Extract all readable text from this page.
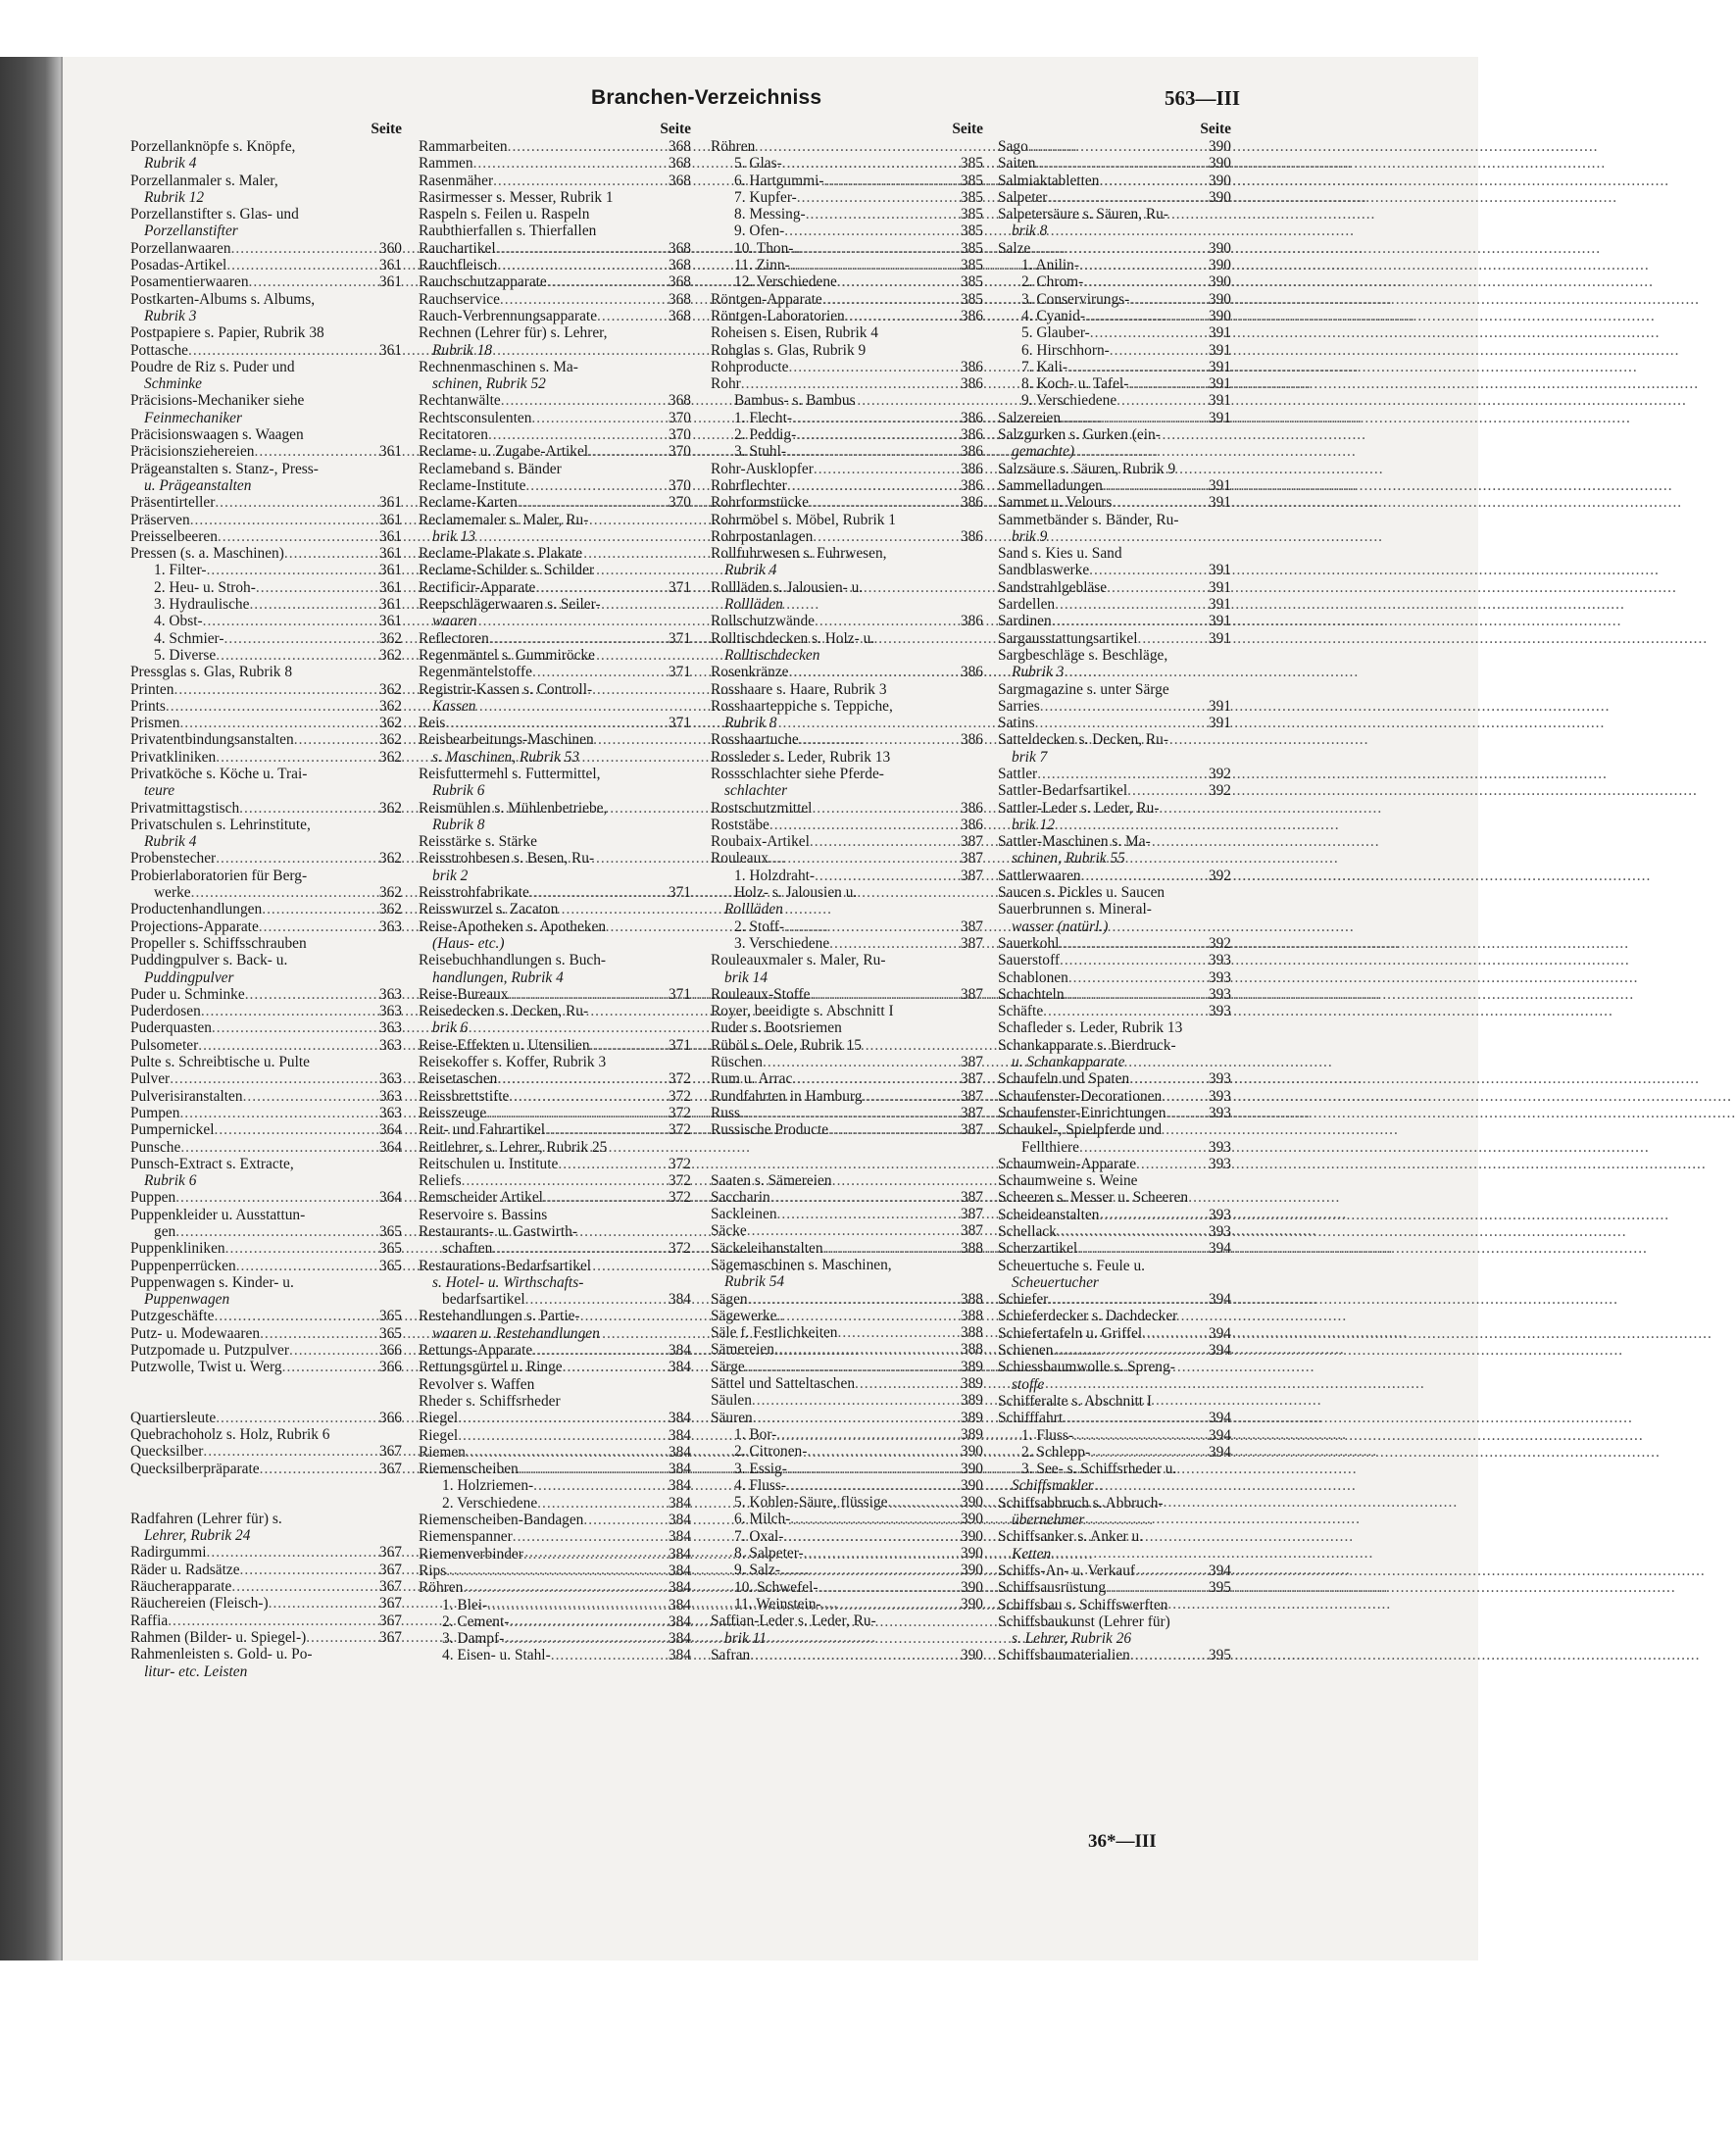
Branchen-Verzeichniss	563—III
Seite
Porzellanknöpfe s. Knöpfe,
Rubrik 4
Porzellanmaler s. Maler,
Rubrik 12
Porzellanstifter s. Glas- und
Porzellanstifter
Porzellanwaaren .....	360
Posadas-Artikel .....	361
Posamentierwaaren .....	361
Postkarten-Albums s. Albums,
Rubrik 3
Postpapiere s. Papier, Rubrik 38
Pottasche .....	361
Poudre de Riz s. Puder und
Schminke
Präcisions-Mechaniker siehe
Feinmechaniker
Präcisionswaagen s. Waagen
Präcisionsziehereien .....	361
Prägeanstalten s. Stanz-, Press-
u. Prägeanstalten
Präsentirteller .....	361
Präserven .....	361
Preisselbeeren .....	361
Pressen (s. a. Maschinen) .....	361
1. Filter- .....	361
2. Heu- u. Stroh- .....	361
3. Hydraulische .....	361
4. Obst- .....	361
4. Schmier- .....	362
5. Diverse .....	362
Pressglas s. Glas, Rubrik 8
Printen .....	362
Prints .....	362
Prismen .....	362
Privatentbindungsanstalten .....	362
Privatkliniken .....	362
Privatköche s. Köche u. Trai-
teure
Privatmittagstisch .....	362
Privatschulen s. Lehrinstitute,
Rubrik 4
Probenstecher .....	362
Probierlaboratorien für Berg-
werke .....	362
Productenhandlungen .....	362
Projections-Apparate .....	363
Propeller s. Schiffsschrauben
Puddingpulver s. Back- u.
Puddingpulver
Puder u. Schminke .....	363
Puderdosen .....	363
Puderquasten .....	363
Pulsometer .....	363
Pulte s. Schreibtische u. Pulte
Pulver .....	363
Pulverisiranstalten .....	363
Pumpen .....	363
Pumpernickel .....	364
Punsche .....	364
Punsch-Extract s. Extracte,
Rubrik 6
Puppen .....	364
Puppenkleider u. Ausstattun-
gen .....	365
Puppenkliniken .....	365
Puppenperrücken .....	365
Puppenwagen s. Kinder- u.
Puppenwagen
Putzgeschäfte .....	365
Putz- u. Modewaaren .....	365
Putzpomade u. Putzpulver .....	366
Putzwolle, Twist u. Werg .....	366
Quartiersleute .....	366
Quebrachoholz s. Holz, Rubrik 6
Quecksilber .....	367
Quecksilberpräparate .....	367
Radfahren (Lehrer für) s.
Lehrer, Rubrik 24
Radirgummi .....	367
Räder u. Radsätze .....	367
Räucherapparate .....	367
Räuchereien (Fleisch-) .....	367
Raffia .....	367
Rahmen (Bilder- u. Spiegel-) .....	367
Rahmenleisten s. Gold- u. Po-
litur- etc. Leisten
Seite
Rammarbeiten .....	368
Rammen .....	368
Rasenmäher .....	368
Rasirmesser s. Messer, Rubrik 1
Raspeln s. Feilen u. Raspeln
Raubthierfallen s. Thierfallen
Rauchartikel .....	368
Rauchfleisch .....	368
Rauchschutzapparate .....	368
Rauchservice .....	368
Rauch-Verbrennungsapparate .....	368
Rechnen (Lehrer für) s. Lehrer,
Rubrik 18
Rechnenmaschinen s. Ma-
schinen, Rubrik 52
Rechtanwälte .....	368
Rechtsconsulenten .....	370
Recitatoren .....	370
Reclame- u. Zugabe-Artikel .....	370
Reclameband s. Bänder
Reclame-Institute .....	370
Reclame-Karten .....	370
Reclamemaler s. Maler, Ru-
brik 13
Reclame-Plakate s. Plakate
Reclame-Schilder s. Schilder
Rectificir-Apparate .....	371
Reepschlägerwaaren s. Seiler-
waaren
Reflectoren .....	371
Regenmäntel s. Gummiröcke
Regenmäntelstoffe .....	371
Registrir-Kassen s. Controll-
Kassen
Reis .....	371
Reisbearbeitungs-Maschinen
s. Maschinen, Rubrik 53
Reisfuttermehl s. Futtermittel,
Rubrik 6
Reismühlen s. Mühlenbetriebe,
Rubrik 8
Reisstärke s. Stärke
Reisstrohbesen s. Besen, Ru-
brik 2
Reisstrohfabrikate .....	371
Reisswurzel s. Zacaton
Reise-Apotheken s. Apotheken
(Haus- etc.)
Reisebuchhandlungen s. Buch-
handlungen, Rubrik 4
Reise-Bureaux .....	371
Reisedecken s. Decken, Ru-
brik 6
Reise-Effekten u. Utensilien .....	371
Reisekoffer s. Koffer, Rubrik 3
Reisetaschen .....	372
Reissbrettstifte .....	372
Reisszeuge .....	372
Reit- und Fahrartikel .....	372
Reitlehrer, s. Lehrer, Rubrik 25
Reitschulen u. Institute .....	372
Reliefs .....	372
Remscheider Artikel .....	372
Reservoire s. Bassins
Restaurants- u. Gastwirth-
schaften .....	372
Restaurations-Bedarfsartikel
s. Hotel- u. Wirthschafts-
bedarfsartikel .....	384
Restehandlungen s. Partie-
waaren u. Restehandlungen
Rettungs-Apparate .....	384
Rettungsgürtel u. Ringe .....	384
Revolver s. Waffen
Rheder s. Schiffsrheder
Riegel .....	384
Riegel .....	384
Riemen .....	384
Riemenscheiben .....	384
1. Holzriemen- .....	384
2. Verschiedene .....	384
Riemenscheiben-Bandagen .....	384
Riemenspanner .....	384
Riemenverbinder .....	384
Rips .....	384
Röhren .....	384
1. Blei- .....	384
2. Cement- .....	384
3. Dampf- .....	384
4. Eisen- u. Stahl- .....	384
Seite
Röhren
5. Glas- .....	385
6. Hartgummi- .....	385
7. Kupfer- .....	385
8. Messing- .....	385
9. Ofen- .....	385
10. Thon- .....	385
11. Zinn- .....	385
12. Verschiedene .....	385
Röntgen-Apparate .....	385
Röntgen-Laboratorien .....	386
Roheisen s. Eisen, Rubrik 4
Rohglas s. Glas, Rubrik 9
Rohproducte .....	386
Rohr .....	386
Bambus- s. Bambus
1. Flecht- .....	386
2. Peddig- .....	386
3. Stuhl- .....	386
Rohr-Ausklopfer .....	386
Rohrflechter .....	386
Rohrformstücke .....	386
Rohrmöbel s. Möbel, Rubrik 1
Rohrpostanlagen .....	386
Rollfuhrwesen s. Fuhrwesen,
Rubrik 4
Rollläden s. Jalousien- u.
Rollläden
Rollschutzwände .....	386
Rolltischdecken s. Holz- u.
Rolltischdecken
Rosenkränze .....	386
Rosshaare s. Haare, Rubrik 3
Rosshaarteppiche s. Teppiche,
Rubrik 8
Rosshaartuche .....	386
Rossleder s. Leder, Rubrik 13
Rossschlachter siehe Pferde-
schlachter
Rostschutzmittel .....	386
Roststäbe .....	386
Roubaix-Artikel .....	387
Rouleaux .....	387
1. Holzdraht- .....	387
Holz- s. Jalousien u.
Rollläden
2. Stoff- .....	387
3. Verschiedene .....	387
Rouleauxmaler s. Maler, Ru-
brik 14
Rouleaux-Stoffe .....	387
Royer, beeidigte s. Abschnitt I
Ruder s. Bootsriemen
Rüböl s. Oele, Rubrik 15
Rüschen .....	387
Rum u. Arrac .....	387
Rundfahrten in Hamburg .....	387
Russ .....	387
Russische Producte .....	387
Saaten s. Sämereien
Saccharin .....	387
Sackleinen .....	387
Säcke .....	387
Säckeleihanstalten .....	388
Sägemaschinen s. Maschinen,
Rubrik 54
Sägen .....	388
Sägewerke .....	388
Säle f. Festlichkeiten .....	388
Sämereien .....	388
Särge .....	389
Sättel und Satteltaschen .....	389
Säulen .....	389
Säuren .....	389
1. Bor- .....	389
2. Citronen- .....	390
3. Essig- .....	390
4. Fluss- .....	390
5. Kohlen-Säure, flüssige .....	390
6. Milch- .....	390
7. Oxal- .....	390
8. Salpeter- .....	390
9. Salz- .....	390
10. Schwefel- .....	390
11. Weinstein- .....	390
Saffian-Leder s. Leder, Ru-
brik 11
Safran .....	390
Seite
Sago .....	390
Saiten .....	390
Salmiaktabletten .....	390
Salpeter .....	390
Salpetersäure s. Säuren, Ru-
brik 8
Salze .....	390
1. Anilin- .....	390
2. Chrom- .....	390
3. Conservirungs- .....	390
4. Cyanid- .....	390
5. Glauber- .....	391
6. Hirschhorn- .....	391
7. Kali- .....	391
8. Koch- u. Tafel- .....	391
9. Verschiedene .....	391
Salzereien .....	391
Salzgurken s. Gurken (ein-
gemachte)
Salzsäure s. Säuren, Rubrik 9
Sammelladungen .....	391
Sammet u. Velours .....	391
Sammetbänder s. Bänder, Ru-
brik 9
Sand s. Kies u. Sand
Sandblaswerke .....	391
Sandstrahlgebläse .....	391
Sardellen .....	391
Sardinen .....	391
Sargausstattungsartikel .....	391
Sargbeschläge s. Beschläge,
Rubrik 3
Sargmagazine s. unter Särge
Sarries .....	391
Satins .....	391
Satteldecken s. Decken, Ru-
brik 7
Sattler .....	392
Sattler-Bedarfsartikel .....	392
Sattler-Leder s. Leder, Ru-
brik 12
Sattler-Maschinen s. Ma-
schinen, Rubrik 55
Sattlerwaaren .....	392
Saucen s. Pickles u. Saucen
Sauerbrunnen s. Mineral-
wasser (natürl.)
Sauerkohl .....	392
Sauerstoff .....	393
Schablonen .....	393
Schachteln .....	393
Schäfte .....	393
Schafleder s. Leder, Rubrik 13
Schankapparate s. Bierdruck-
u. Schankapparate
Schaufeln und Spaten .....	393
Schaufenster-Decorationen .....	393
Schaufenster-Einrichtungen .....	393
Schaukel-, Spielpferde und
Fellthiere .....	393
Schaumwein-Apparate .....	393
Schaumweine s. Weine
Scheeren s. Messer u. Scheeren
Scheideanstalten .....	393
Schellack .....	393
Scherzartikel .....	394
Scheuertuche s. Feule u.
Scheuertucher
Schiefer .....	394
Schieferdecker s. Dachdecker
Schiefertafeln u. Griffel .....	394
Schienen .....	394
Schiessbaumwolle s. Spreng-
stoffe
Schifferalte s. Abschnitt I
Schifffahrt .....	394
1. Fluss- .....	394
2. Schlepp- .....	394
3. See- s. Schiffsrheder u.
Schiffsmakler
Schiffsabbruch s. Abbruch-
übernehmer
Schiffsanker s. Anker u.
Ketten
Schiffs-An- u. Verkauf .....	394
Schiffsausrüstung .....	395
Schiffsbau s. Schiffswerften
Schiffsbaukunst (Lehrer für)
s. Lehrer, Rubrik 26
Schiffsbaumaterialien .....	395
36*—III
